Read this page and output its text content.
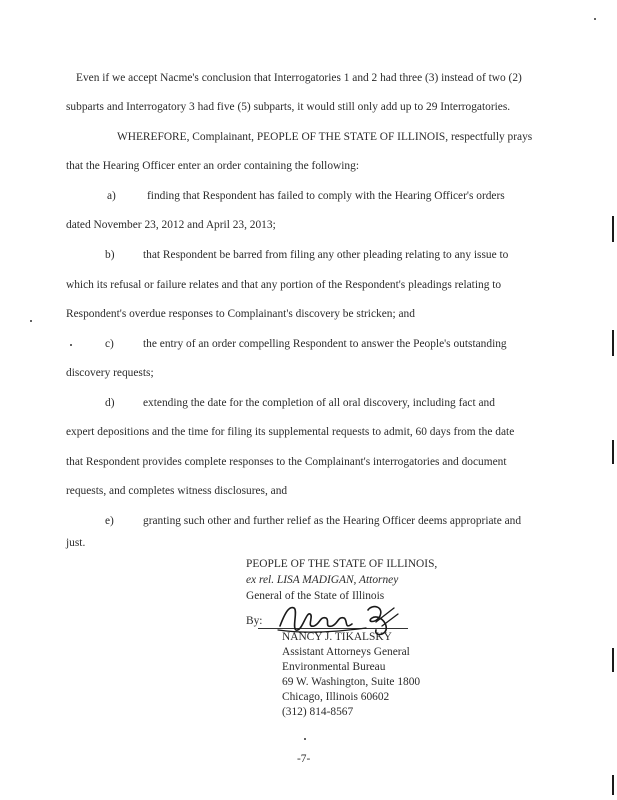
Even if we accept Nacme's conclusion that Interrogatories 1 and 2 had three (3) instead of two (2)
subparts and Interrogatory 3 had five (5) subparts, it would still only add up to 29 Interrogatories.
WHEREFORE, Complainant, PEOPLE OF THE STATE OF ILLINOIS, respectfully prays
that the Hearing Officer enter an order containing the following:
a)	finding that Respondent has failed to comply with the Hearing Officer's orders
dated November 23, 2012 and April 23, 2013;
b)	that Respondent be barred from filing any other pleading relating to any issue to
which its refusal or failure relates and that any portion of the Respondent's pleadings relating to
Respondent's overdue responses to Complainant's discovery be stricken; and
c)	the entry of an order compelling Respondent to answer the People's outstanding
discovery requests;
d)	extending the date for the completion of all oral discovery, including fact and
expert depositions and the time for filing its supplemental requests to admit, 60 days from the date
that Respondent provides complete responses to the Complainant's interrogatories and document
requests, and completes witness disclosures, and
e)	granting such other and further relief as the Hearing Officer deems appropriate and
just.
PEOPLE OF THE STATE OF ILLINOIS,
ex rel. LISA MADIGAN, Attorney
General of the State of Illinois
By:
NANCY J. TIKALSKY
Assistant Attorneys General
Environmental Bureau
69 W. Washington, Suite 1800
Chicago, Illinois 60602
(312) 814-8567
-7-
